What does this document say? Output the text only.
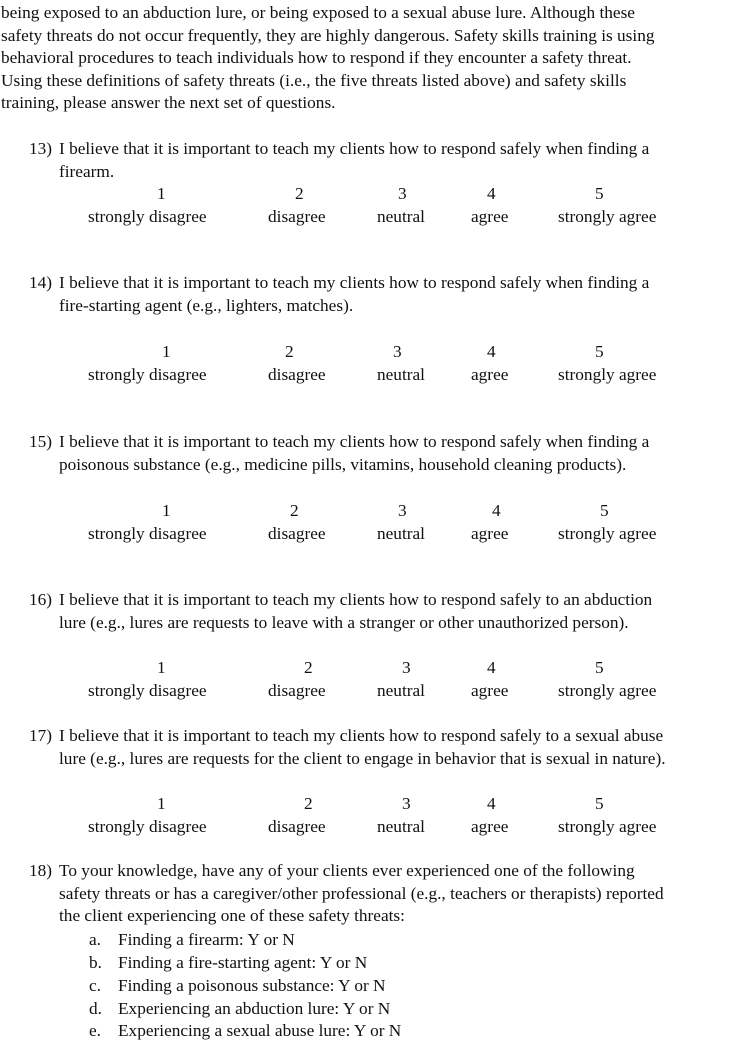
being exposed to an abduction lure, or being exposed to a sexual abuse lure. Although these
safety threats do not occur frequently, they are highly dangerous. Safety skills training is using
behavioral procedures to teach individuals how to respond if they encounter a safety threat.
Using these definitions of safety threats (i.e., the five threats listed above) and safety skills
training, please answer the next set of questions.
13) I believe that it is important to teach my clients how to respond safely when finding a
firearm.
1	2	3	4	5
strongly disagree	disagree	neutral	agree	strongly agree
14) I believe that it is important to teach my clients how to respond safely when finding a
fire-starting agent (e.g., lighters, matches).
1	2	3	4	5
strongly disagree	disagree	neutral	agree	strongly agree
15) I believe that it is important to teach my clients how to respond safely when finding a
poisonous substance (e.g., medicine pills, vitamins, household cleaning products).
1	2	3	4	5
strongly disagree	disagree	neutral	agree	strongly agree
16) I believe that it is important to teach my clients how to respond safely to an abduction
lure (e.g., lures are requests to leave with a stranger or other unauthorized person).
1	2	3	4	5
strongly disagree	disagree	neutral	agree	strongly agree
17) I believe that it is important to teach my clients how to respond safely to a sexual abuse
lure (e.g., lures are requests for the client to engage in behavior that is sexual in nature).
1	2	3	4	5
strongly disagree	disagree	neutral	agree	strongly agree
18) To your knowledge, have any of your clients ever experienced one of the following
safety threats or has a caregiver/other professional (e.g., teachers or therapists) reported
the client experiencing one of these safety threats:
a. Finding a firearm: Y or N
b. Finding a fire-starting agent: Y or N
c. Finding a poisonous substance: Y or N
d. Experiencing an abduction lure: Y or N
e. Experiencing a sexual abuse lure: Y or N
